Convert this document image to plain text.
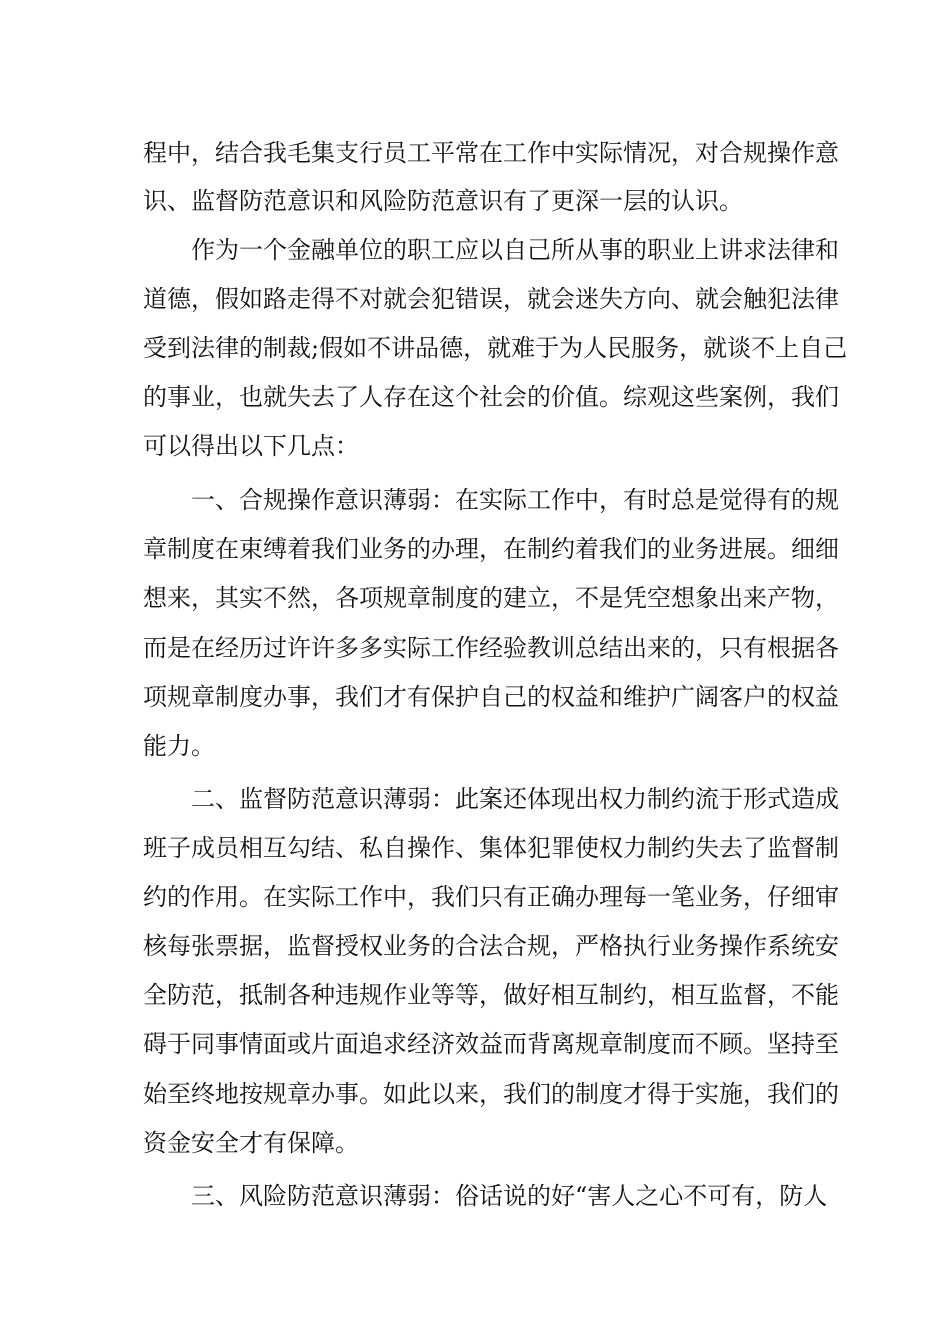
程中，结合我毛集支行员工平常在工作中实际情况，对合规操作意
识、监督防范意识和风险防范意识有了更深一层的认识。
作为一个金融单位的职工应以自己所从事的职业上讲求法律和
道德，假如路走得不对就会犯错误，就会迷失方向、就会触犯法律
受到法律的制裁;假如不讲品德，就难于为人民服务，就谈不上自己
的事业，也就失去了人存在这个社会的价值。综观这些案例，我们
可以得出以下几点：
一、合规操作意识薄弱：在实际工作中，有时总是觉得有的规
章制度在束缚着我们业务的办理，在制约着我们的业务进展。细细
想来，其实不然，各项规章制度的建立，不是凭空想象出来产物，
而是在经历过许许多多实际工作经验教训总结出来的，只有根据各
项规章制度办事，我们才有保护自己的权益和维护广阔客户的权益
能力。
二、监督防范意识薄弱：此案还体现出权力制约流于形式造成
班子成员相互勾结、私自操作、集体犯罪使权力制约失去了监督制
约的作用。在实际工作中，我们只有正确办理每一笔业务，仔细审
核每张票据，监督授权业务的合法合规，严格执行业务操作系统安
全防范，抵制各种违规作业等等，做好相互制约，相互监督，不能
碍于同事情面或片面追求经济效益而背离规章制度而不顾。坚持至
始至终地按规章办事。如此以来，我们的制度才得于实施，我们的
资金安全才有保障。
三、风险防范意识薄弱：俗话说的好“害人之心不可有，防人
